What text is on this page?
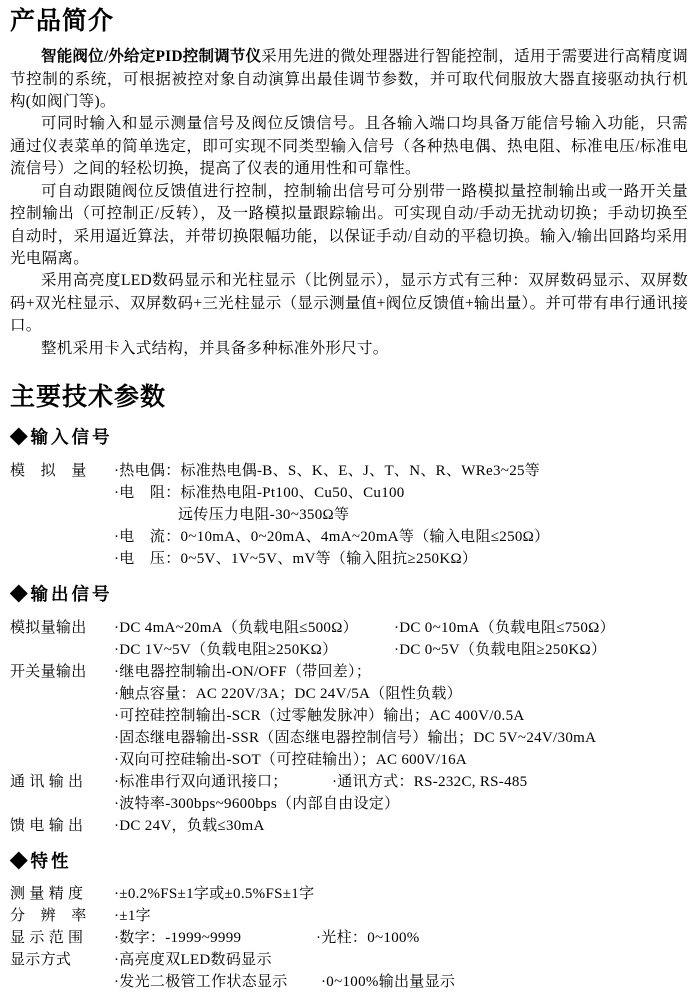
产品简介

智能阀位/外给定PID控制调节仪采用先进的微处理器进行智能控制，适用于需要进行高精度调节控制的系统，可根据被控对象自动演算出最佳调节参数，并可取代伺服放大器直接驱动执行机构(如阀门等)。

可同时输入和显示测量信号及阀位反馈信号。且各输入端口均具备万能信号输入功能，只需通过仪表菜单的简单选定，即可实现不同类型输入信号（各种热电偶、热电阻、标准电压/标准电流信号）之间的轻松切换，提高了仪表的通用性和可靠性。

可自动跟随阀位反馈值进行控制，控制输出信号可分别带一路模拟量控制输出或一路开关量控制输出（可控制正/反转），及一路模拟量跟踪输出。可实现自动/手动无扰动切换；手动切换至自动时，采用逼近算法，并带切换限幅功能，以保证手动/自动的平稳切换。输入/输出回路均采用光电隔离。

采用高亮度LED数码显示和光柱显示（比例显示），显示方式有三种：双屏数码显示、双屏数码+双光柱显示、双屏数码+三光柱显示（显示测量值+阀位反馈值+输出量）。并可带有串行通讯接口。

整机采用卡入式结构，并具备多种标准外形尺寸。

主要技术参数
◆输入信号
模　拟　量	·热电偶：标准热电偶-B、S、K、E、J、T、N、R、WRe3~25等
·电　阻：标准热电阻-Pt100、Cu50、Cu100
远传压力电阻-30~350Ω等
·电　流：0~10mA、0~20mA、4mA~20mA等（输入电阻≤250Ω）
·电　压：0~5V、1V~5V、mV等（输入阻抗≥250KΩ）
◆输出信号
模拟量输出	·DC 4mA~20mA（负载电阻≤500Ω）	·DC 0~10mA（负载电阻≤750Ω）
·DC 1V~5V（负载电阻≥250KΩ）	·DC 0~5V（负载电阻≥250KΩ）
开关量输出	·继电器控制输出-ON/OFF（带回差）；
·触点容量：AC 220V/3A；DC 24V/5A（阻性负载）
·可控硅控制输出-SCR（过零触发脉冲）输出；AC 400V/0.5A
·固态继电器输出-SSR（固态继电器控制信号）输出；DC 5V~24V/30mA
·双向可控硅输出-SOT（可控硅输出）；AC 600V/16A
通 讯 输 出	·标准串行双向通讯接口；	·通讯方式：RS-232C, RS-485
·波特率-300bps~9600bps（内部自由设定）
馈 电 输 出	·DC 24V，负载≤30mA
◆特性
测 量 精 度	·±0.2%FS±1字或±0.5%FS±1字
分　辨　率	·±1字
显 示 范 围	·数字：-1999~9999	·光柱：0~100%
显示方式	·高亮度双LED数码显示
·发光二极管工作状态显示	·0~100%输出量显示
